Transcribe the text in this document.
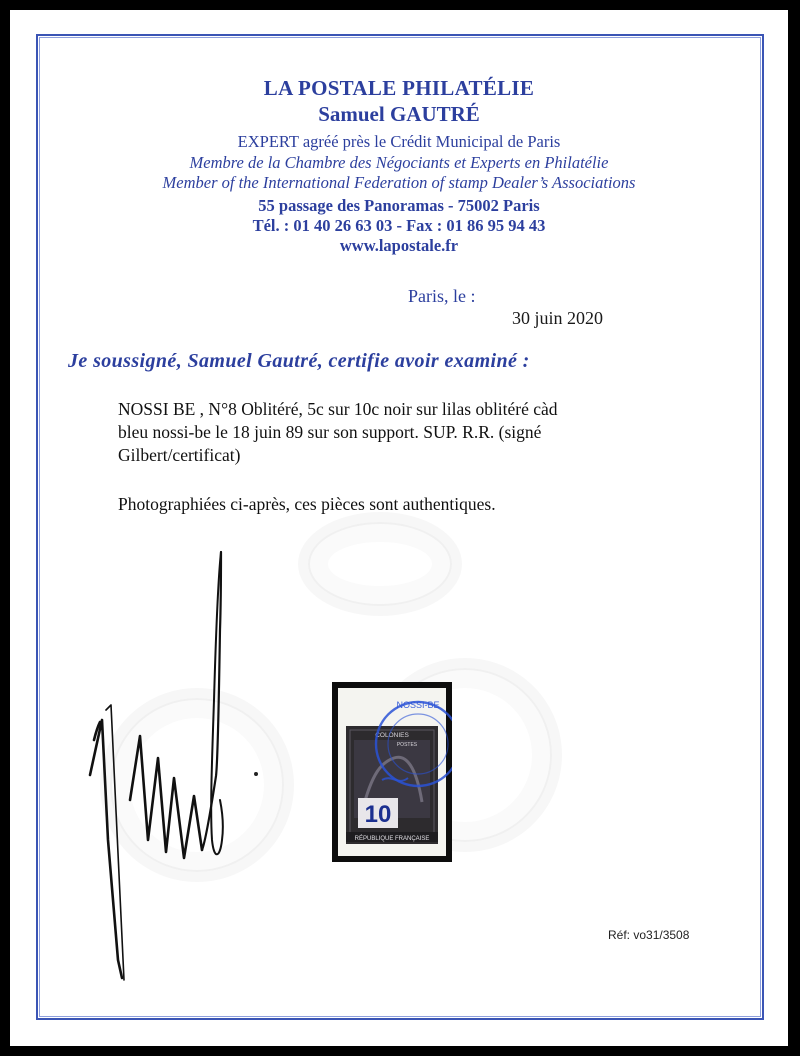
LA POSTALE PHILATÉLIE
Samuel GAUTRÉ
EXPERT agréé près le Crédit Municipal de Paris
Membre de la Chambre des Négociants et Experts en Philatélie
Member of the International Federation of stamp Dealer’s Associations
55 passage des Panoramas - 75002 Paris
Tél. : 01 40 26 63 03 - Fax : 01 86 95 94 43
www.lapostale.fr
Paris, le :
30 juin 2020
Je soussigné, Samuel Gautré, certifie avoir examiné :
NOSSI BE , N°8 Oblitéré, 5c sur 10c noir sur lilas oblitéré càd
bleu nossi-be le 18 juin 89 sur son support. SUP. R.R. (signé
Gilbert/certificat)
Photographiées ci-après, ces pièces sont authentiques.
COLONIES
POSTES
10
RÉPUBLIQUE FRANÇAISE
NOSSI-BE
Réf: vo31/3508
